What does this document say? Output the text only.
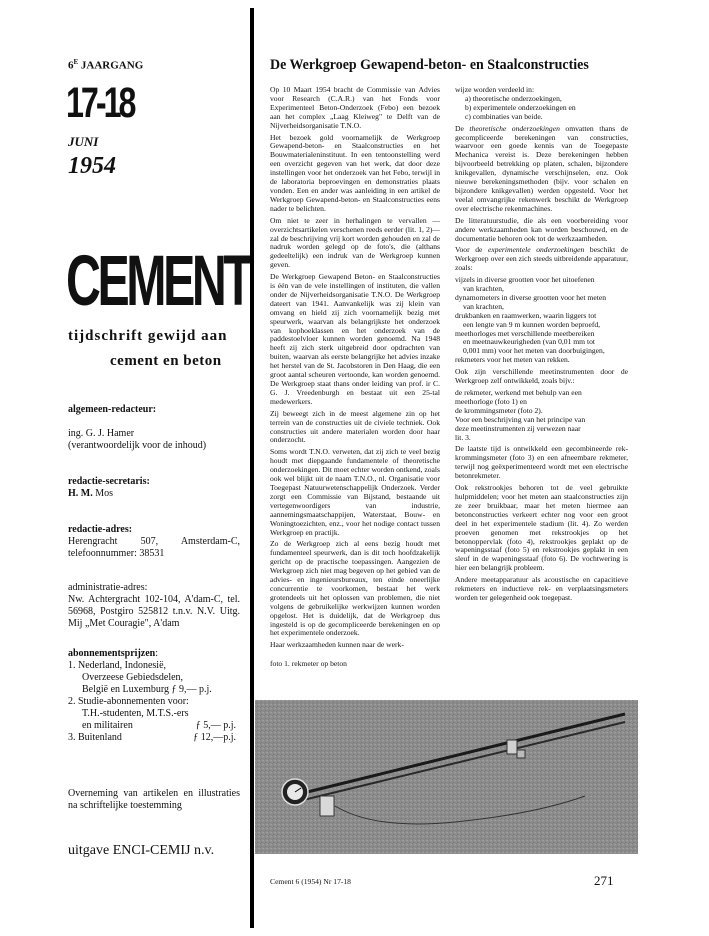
$6^E$ JAARGANG
17-18
JUNI
1954
CEMENT
tijdschrift gewijd aan
cement en beton
algemeen-redacteur:
ing. G. J. Hamer
(verantwoordelijk voor de inhoud)
redactie-secretaris:
H. M. Mos
redactie-adres:
Herengracht 507, Amsterdam-C, telefoonnummer: 38531
administratie-adres:
Nw. Achtergracht 102-104, A'dam-C, tel. 56968, Postgiro 525812 t.n.v. N.V. Uitg. Mij „Met Couragie", A'dam
abonnementsprijzen:
1. Nederland, Indonesië,
Overzeese Gebiedsdelen,
België en Luxemburg ƒ 9,— p.j.
2. Studie-abonnementen voor:
T.H.-studenten, M.T.S.-ers
en militairen	ƒ 5,— p.j.
3. Buitenland	ƒ 12,—p.j.
Overneming van artikelen en illustraties na schriftelijke toestemming
uitgave ENCI-CEMIJ n.v.
De Werkgroep Gewapend-beton- en Staalconstructies

Op 10 Maart 1954 bracht de Commissie van Advies voor Research (C.A.R.) van het Fonds voor Experimenteel Beton-Onderzoek (Febo) een bezoek aan het complex „Laag Kleiweg" te Delft van de Nijverheidsorganisatie T.N.O.

Het bezoek gold voornamelijk de Werkgroep Gewapend-beton- en Staalconstructies en het Bouwmaterialeninstituut. In een tentoonstelling werd een overzicht gegeven van het werk, dat door deze instellingen voor het onderzoek van het Febo, terwijl in de laboratoria beproevingen en demonstraties plaats vonden. Een en ander was aanleiding in een artikel de Werkgroep Gewapend-beton- en Staalconstructies eens nader te belichten.

Om niet te zeer in herhalingen te vervallen —overzichtsartikelen verschenen reeds eerder (lit. 1, 2)— zal de beschrijving vrij kort worden gehouden en zal de nadruk worden gelegd op de foto's, die (althans gedeeltelijk) een indruk van de Werkgroep kunnen geven.

De Werkgroep Gewapend Beton- en Staalconstructies is één van de vele instellingen of instituten, die vallen onder de Nijverheidsorganisatie T.N.O. De Werkgroep dateert van 1941. Aanvankelijk was zij klein van omvang en hield zij zich voornamelijk bezig met speurwerk, waarvan als belangrijkste het onderzoek van kophoeklassen en het onderzoek van de paddestoelvloer kunnen worden genoemd. Na 1948 heeft zij zich sterk uitgebreid door opdrachten van buiten, waarvan als eerste belangrijke het advies inzake het herstel van de St. Jacobstoren in Den Haag, die een groot aantal scheuren vertoonde, kan worden genoemd. De Werkgroep staat thans onder leiding van prof. ir C. G. J. Vreedenburgh en bestaat uit een 25-tal medewerkers.

Zij beweegt zich in de meest algemene zin op het terrein van de constructies uit de civiele techniek. Ook constructies uit andere materialen worden door haar onderzocht.

Soms wordt T.N.O. verweten, dat zij zich te veel bezig houdt met diepgaande fundamentele of theoretische onderzoekingen. Dit moet echter worden ontkend, zoals ook wel blijkt uit de naam T.N.O., nl. Organisatie voor Toegepast Natuurwetenschappelijk Onderzoek. Verder zorgt een Commissie van Bijstand, bestaande uit vertegenwoordigers van industrie, aannemingsmaatschappijen, Waterstaat, Bouw- en Woningtoezichten, enz., voor het nodige contact tussen Werkgroep en practijk.

Zo de Werkgroep zich al eens bezig houdt met fundamenteel speurwerk, dan is dit toch hoofdzakelijk gericht op de practische toepassingen. Aangezien de Werkgroep zich niet mag begeven op het gebied van de advies- en ingenieursbureaux, ten einde oneerlijke concurrentie te voorkomen, bestaat het werk grotendeels uit het oplossen van problemen, die niet volgens de gebruikelijke werkwijzen kunnen worden opgelost. Het is duidelijk, dat de Werkgroep dus ingesteld is op de gecompliceerde berekeningen en op het experimentele onderzoek.

Haar werkzaamheden kunnen naar de werk-

foto 1. rekmeter op beton

wijze worden verdeeld in:
a) theoretische onderzoekingen,
b) experimentele onderzoekingen en
c) combinaties van beide.

De theoretische onderzoekingen omvatten thans de gecompliceerde berekeningen van constructies, waarvoor een goede kennis van de Toegepaste Mechanica vereist is. Deze berekeningen hebben bijvoorbeeld betrekking op platen, schalen, bijzondere knikgevallen, dynamische verschijnselen, enz. Ook nieuwe berekeningsmethoden (bijv. voor schalen en bijzondere knikgevallen) werden opgesteld. Voor het veelal omvangrijke rekenwerk beschikt de Werkgroep over electrische rekenmachines.

De litteratuurstudie, die als een voorbereiding voor andere werkzaamheden kan worden beschouwd, en de documentatie behoren ook tot de werkzaamheden.

Voor de experimentele onderzoekingen beschikt de Werkgroep over een zich steeds uitbreidende apparatuur, zoals:

vijzels in diverse grootten voor het uitoefenen
van krachten,
dynamometers in diverse grootten voor het meten
van krachten,
drukbanken en raamwerken, waarin liggers tot
een lengte van 9 m kunnen worden beproefd,
meethorloges met verschillende meetbereiken
en meetnauwkeurigheden (van 0,01 mm tot
0,001 mm) voor het meten van doorbuigingen,
rekmeters voor het meten van rekken.

Ook zijn verschillende meetinstrumenten door de Werkgroep zelf ontwikkeld, zoals bijv.:

de rekmeter, werkend met behulp van een
meethorloge (foto 1) en
de krommingsmeter (foto 2).
Voor een beschrijving van het principe van
deze meetinstrumenten zij verwezen naar
lit. 3.

De laatste tijd is ontwikkeld een gecombineerde rek-krommingsmeter (foto 3) en een afneembare rekmeter, terwijl nog geëxperimenteerd wordt met een electrische betonrekmeter.

Ook rekstrookjes behoren tot de veel gebruikte hulpmiddelen; voor het meten aan staalconstructies zijn ze zeer bruikbaar, maar het meten hiermee aan betonconstructies verkeert echter nog voor een groot deel in het experimentele stadium (lit. 4). Zo werden proeven genomen met rekstrookjes op het betonoppervlak (foto 4), rekstrookjes geplakt op de wapeningsstaaf (foto 5) en rekstrookjes geplakt in een sleuf in de wapeningsstaaf (foto 6). De vochtwering is hier een belangrijk probleem.

Andere meetapparatuur als acoustische en capacitieve rekmeters en inductieve rek- en verplaatsingsmeters worden ter gelegenheid ook toegepast.

Cement 6 (1954) Nr 17-18	271
